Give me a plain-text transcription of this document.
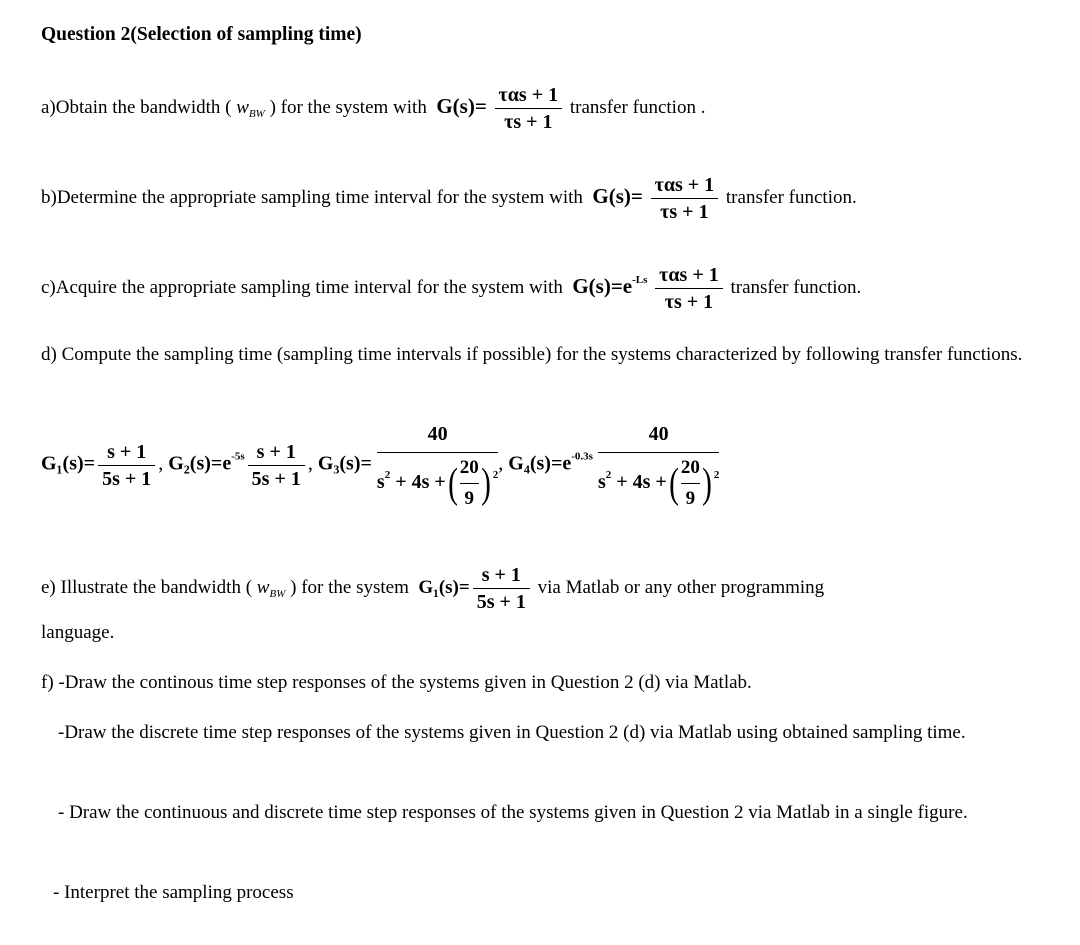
Question 2(Selection of sampling time)
a)Obtain the bandwidth ( $w_{BW}$ ) for the system with $G(s)= \frac{\text{ταs + 1}}{\tau s + 1}$ transfer function .
b)Determine the appropriate sampling time interval for the system with $G(s)= \frac{\text{ταs + 1}}{\tau s + 1}$ transfer function.
c)Acquire the appropriate sampling time interval for the system with $G(s)=e^{-Ls} \frac{\text{ταs + 1}}{\tau s + 1}$ transfer function.
d) Compute the sampling time (sampling time intervals if possible) for the systems characterized by following transfer functions.
$G_1(s)= \frac{s + 1}{5s + 1}$ , $G_2(s)=e^{-5s} \frac{s + 1}{5s + 1}$ , $G_3(s)= \frac{40}{s^2 + 4s +( \frac{20}{9} ) ^2}$ , $G_4(s)=e^{-0.3s} \frac{40}{s^2 + 4s +( \frac{20}{9} ) ^2}$
e) Illustrate the bandwidth ( $w_{BW}$ ) for the system $G_1(s)= \frac{s + 1}{5s + 1}$ via Matlab or any other programming
language.
f) -Draw the continous time step responses of the systems given in Question 2 (d) via Matlab.
-Draw the discrete time step responses of the systems given in Question 2 (d) via Matlab using obtained sampling time.
- Draw the continuous and discrete time step responses of the systems given in Question 2 via Matlab in a single figure.
- Interpret the sampling process
